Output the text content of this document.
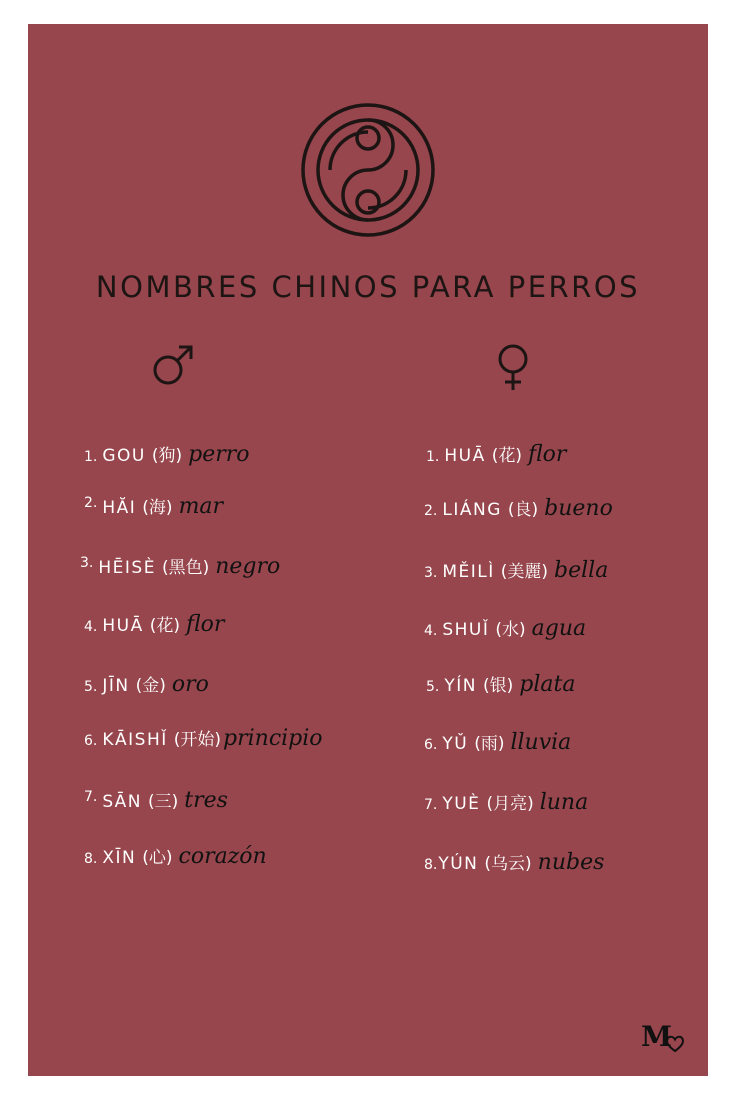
NOMBRES CHINOS PARA PERROS
1. GOU (狗) perro
2. HĂI (海) mar
3. HĒISÈ (黑色) negro
4. HUĀ (花) flor
5. JĪN (金) oro
6. KĀISHǏ (开始)principio
7. SĀN (三) tres
8. XĪN (心) corazón
1. HUĀ (花) flor
2. LIÁNG (良) bueno
3. MĚILÌ (美麗) bella
4. SHUǏ (水) agua
5. YÍN (银) plata
6. YǓ (雨) lluvia
7. YUÈ (月亮) luna
8.YÚN (乌云) nubes
M
